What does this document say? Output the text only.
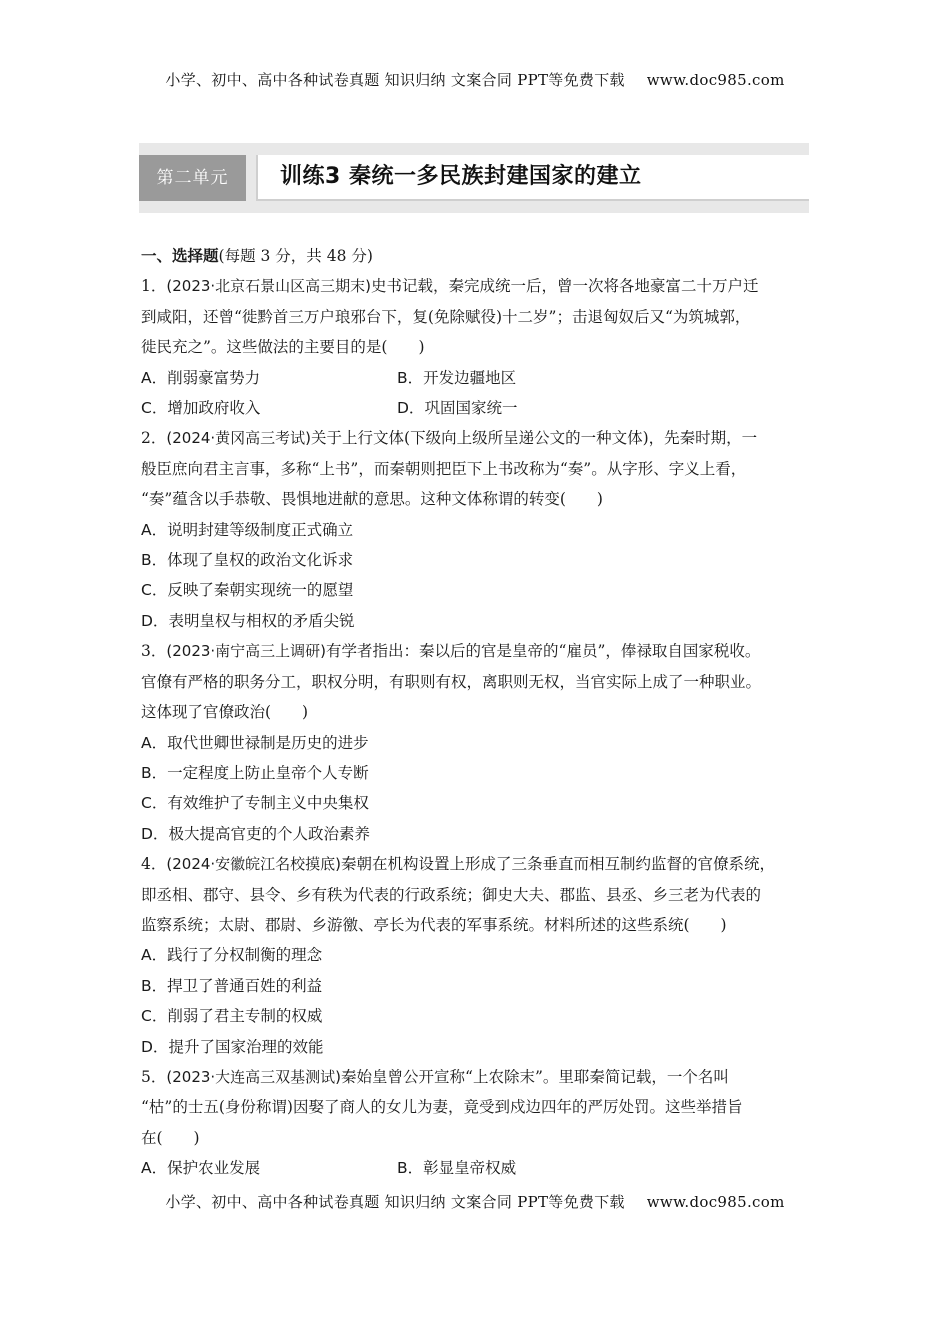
小学、初中、高中各种试卷真题 知识归纳 文案合同 PPT等免费下载 www.doc985.com
第二单元	训练3 秦统一多民族封建国家的建立

一、选择题(每题 3 分，共 48 分)

1．(2023·北京石景山区高三期末)史书记载，秦完成统一后，曾一次将各地豪富二十万户迁

到咸阳，还曾“徙黔首三万户琅邪台下，复(免除赋役)十二岁”；击退匈奴后又“为筑城郭，

徙民充之”。这些做法的主要目的是(　　)

A．削弱豪富势力	B．开发边疆地区
C．增加政府收入	D．巩固国家统一

2．(2024·黄冈高三考试)关于上行文体(下级向上级所呈递公文的一种文体)，先秦时期，一

般臣庶向君主言事，多称“上书”，而秦朝则把臣下上书改称为“奏”。从字形、字义上看，

“奏”蕴含以手恭敬、畏惧地进献的意思。这种文体称谓的转变(　　)

A．说明封建等级制度正式确立

B．体现了皇权的政治文化诉求

C．反映了秦朝实现统一的愿望

D．表明皇权与相权的矛盾尖锐

3．(2023·南宁高三上调研)有学者指出：秦以后的官是皇帝的“雇员”，俸禄取自国家税收。

官僚有严格的职务分工，职权分明，有职则有权，离职则无权，当官实际上成了一种职业。

这体现了官僚政治(　　)

A．取代世卿世禄制是历史的进步

B．一定程度上防止皇帝个人专断

C．有效维护了专制主义中央集权

D．极大提高官吏的个人政治素养

4．(2024·安徽皖江名校摸底)秦朝在机构设置上形成了三条垂直而相互制约监督的官僚系统，

即丞相、郡守、县令、乡有秩为代表的行政系统；御史大夫、郡监、县丞、乡三老为代表的

监察系统；太尉、郡尉、乡游徼、亭长为代表的军事系统。材料所述的这些系统(　　)

A．践行了分权制衡的理念

B．捍卫了普通百姓的利益

C．削弱了君主专制的权威

D．提升了国家治理的效能

5．(2023·大连高三双基测试)秦始皇曾公开宣称“上农除末”。里耶秦简记载，一个名叫

“枯”的士五(身份称谓)因娶了商人的女儿为妻，竟受到戍边四年的严厉处罚。这些举措旨

在(　　)

A．保护农业发展	B．彰显皇帝权威
小学、初中、高中各种试卷真题 知识归纳 文案合同 PPT等免费下载 www.doc985.com
